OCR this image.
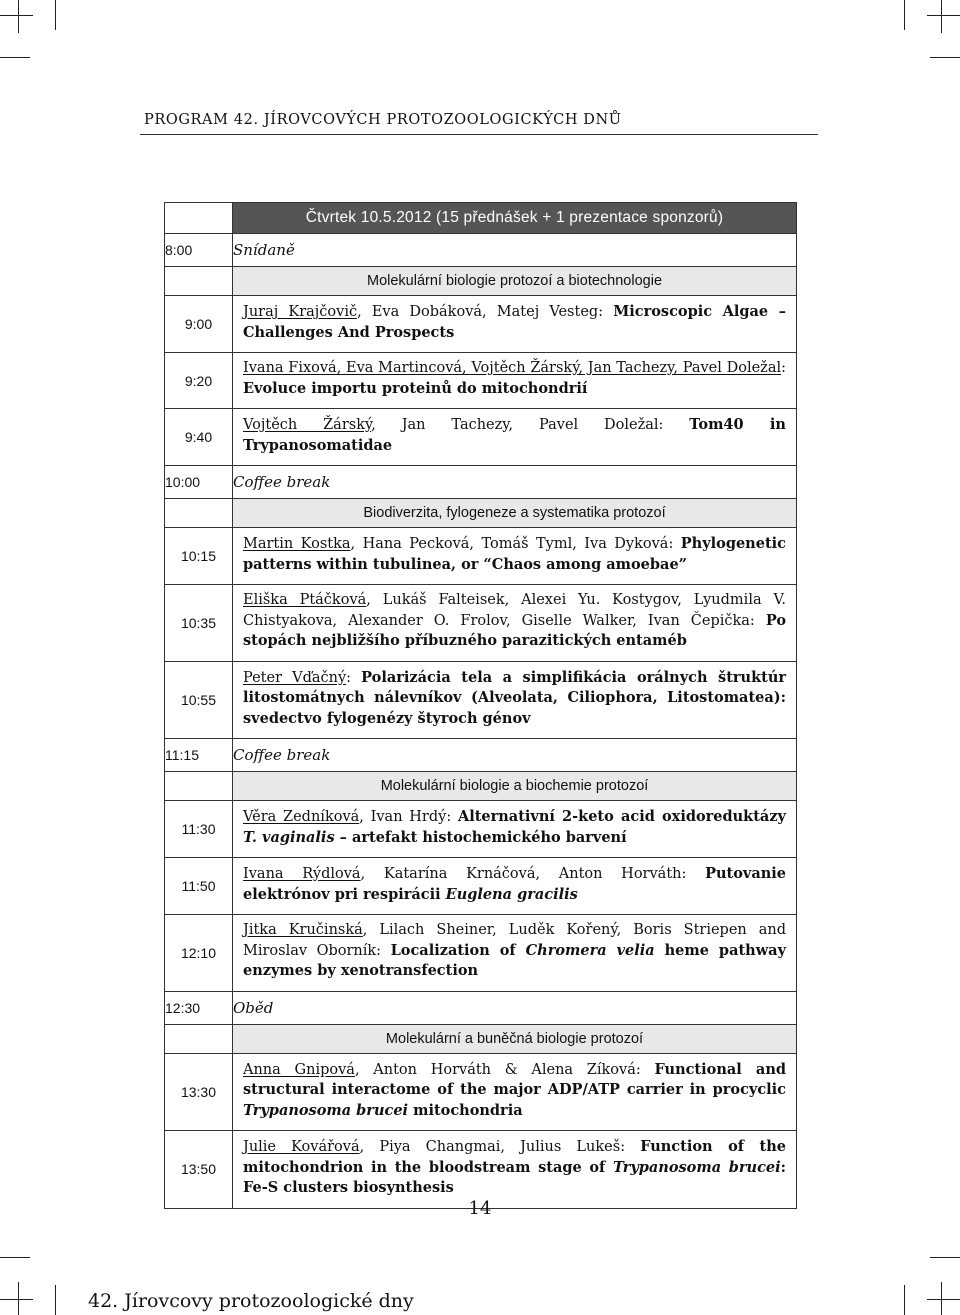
PROGRAM 42. JÍROVCOVÝCH PROTOZOOLOGICKÝCH DNŮ
	Čtvrtek 10.5.2012 (15 přednášek + 1 prezentace sponzorů)
8:00	Snídaně
	Molekulární biologie protozoí a biotechnologie
9:00	Juraj Krajčovič, Eva Dobáková, Matej Vesteg: Microscopic Algae – Challenges And Prospects
9:20	Ivana Fixová, Eva Martincová, Vojtěch Žárský, Jan Tachezy, Pavel Doležal: Evoluce importu proteinů do mitochondrií
9:40	Vojtěch Žárský, Jan Tachezy, Pavel Doležal: Tom40 in Trypanosomatidae
10:00	Coffee break
	Biodiverzita, fylogeneze a systematika protozoí
10:15	Martin Kostka, Hana Pecková, Tomáš Tyml, Iva Dyková: Phylogenetic patterns within tubulinea, or “Chaos among amoebae”
10:35	Eliška Ptáčková, Lukáš Falteisek, Alexei Yu. Kostygov, Lyudmila V. Chistyakova, Alexander O. Frolov, Giselle Walker, Ivan Čepička: Po stopách nejbližšího příbuzného parazitických entaméb
10:55	Peter Vďačný: Polarizácia tela a simplifikácia orálnych štruktúr litostomátnych nálevníkov (Alveolata, Ciliophora, Litostomatea): svedectvo fylogenézy štyroch génov
11:15	Coffee break
	Molekulární biologie a biochemie protozoí
11:30	Věra Zedníková, Ivan Hrdý: Alternativní 2-keto acid oxidoreduktázy T. vaginalis – artefakt histochemického barvení
11:50	Ivana Rýdlová, Katarína Krnáčová, Anton Horváth: Putovanie elektrónov pri respirácii Euglena gracilis
12:10	Jitka Kručinská, Lilach Sheiner, Luděk Kořený, Boris Striepen and Miroslav Oborník: Localization of Chromera velia heme pathway enzymes by xenotransfection
12:30	Oběd
	Molekulární a buněčná biologie protozoí
13:30	Anna Gnipová, Anton Horváth & Alena Zíková: Functional and structural interactome of the major ADP/ATP carrier in procyclic Trypanosoma brucei mitochondria
13:50	Julie Kovářová, Piya Changmai, Julius Lukeš: Function of the mitochondrion in the bloodstream stage of Trypanosoma brucei: Fe-S clusters biosynthesis
14
42. Jírovcovy protozoologické dny
